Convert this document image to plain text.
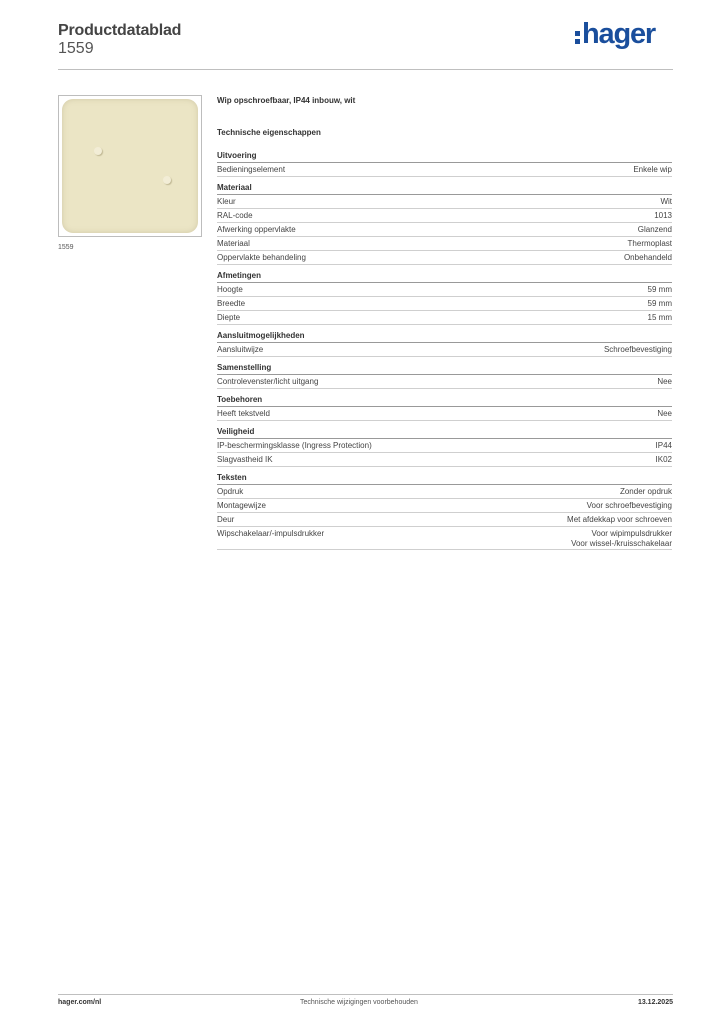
Productdatablad
1559	hager
1559
Wip opschroefbaar, IP44 inbouw, wit
Technische eigenschappen
Uitvoering
Bedieningselement	Enkele wip
Materiaal
Kleur	Wit
RAL-code	1013
Afwerking oppervlakte	Glanzend
Materiaal	Thermoplast
Oppervlakte behandeling	Onbehandeld
Afmetingen
Hoogte	59 mm
Breedte	59 mm
Diepte	15 mm
Aansluitmogelijkheden
Aansluitwijze	Schroefbevestiging
Samenstelling
Controlevenster/licht uitgang	Nee
Toebehoren
Heeft tekstveld	Nee
Veiligheid
IP-beschermingsklasse (Ingress Protection)	IP44
Slagvastheid IK	IK02
Teksten
Opdruk	Zonder opdruk
Montagewijze	Voor schroefbevestiging
Deur	Met afdekkap voor schroeven
Wipschakelaar/-impulsdrukker	Voor wipimpulsdrukker
Voor wissel-/kruisschakelaar
hager.com/nl	Technische wijzigingen voorbehouden	13.12.2025
